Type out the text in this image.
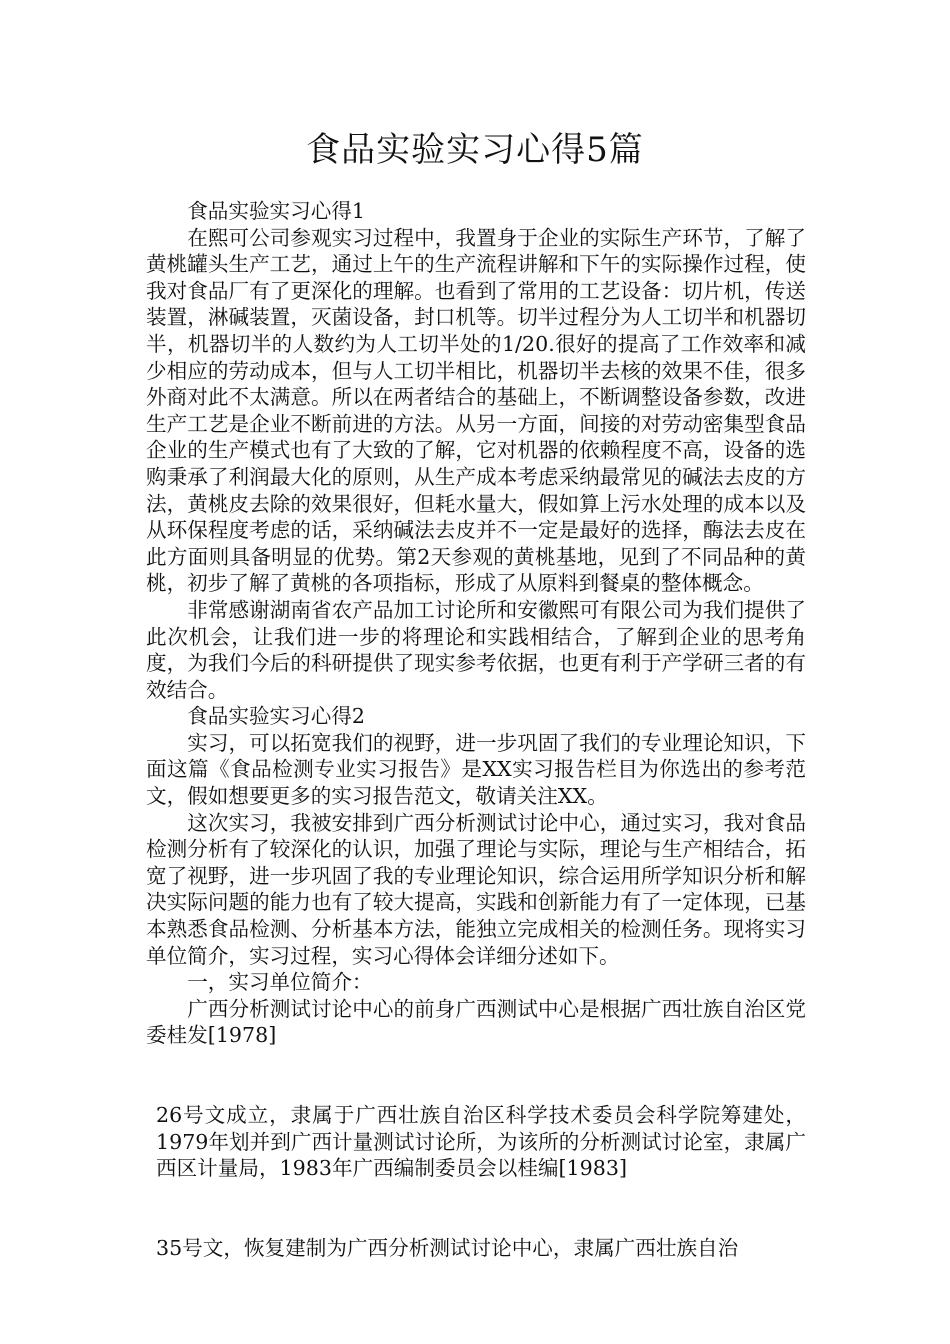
食品实验实习心得5篇

食品实验实习心得1

在熙可公司参观实习过程中，我置身于企业的实际生产环节，了解了黄桃罐头生产工艺，通过上午的生产流程讲解和下午的实际操作过程，使我对食品厂有了更深化的理解。也看到了常用的工艺设备：切片机，传送装置，淋碱装置，灭菌设备，封口机等。切半过程分为人工切半和机器切半，机器切半的人数约为人工切半处的1/20.很好的提高了工作效率和减少相应的劳动成本，但与人工切半相比，机器切半去核的效果不佳，很多外商对此不太满意。所以在两者结合的基础上，不断调整设备参数，改进生产工艺是企业不断前进的方法。从另一方面，间接的对劳动密集型食品企业的生产模式也有了大致的了解，它对机器的依赖程度不高，设备的选购秉承了利润最大化的原则，从生产成本考虑采纳最常见的碱法去皮的方法，黄桃皮去除的效果很好，但耗水量大，假如算上污水处理的成本以及从环保程度考虑的话，采纳碱法去皮并不一定是最好的选择，酶法去皮在此方面则具备明显的优势。第2天参观的黄桃基地，见到了不同品种的黄桃，初步了解了黄桃的各项指标，形成了从原料到餐桌的整体概念。

非常感谢湖南省农产品加工讨论所和安徽熙可有限公司为我们提供了此次机会，让我们进一步的将理论和实践相结合，了解到企业的思考角度，为我们今后的科研提供了现实参考依据，也更有利于产学研三者的有效结合。

食品实验实习心得2

实习，可以拓宽我们的视野，进一步巩固了我们的专业理论知识，下面这篇《食品检测专业实习报告》是XX实习报告栏目为你选出的参考范文，假如想要更多的实习报告范文，敬请关注XX。

这次实习，我被安排到广西分析测试讨论中心，通过实习，我对食品检测分析有了较深化的认识，加强了理论与实际，理论与生产相结合，拓宽了视野，进一步巩固了我的专业理论知识，综合运用所学知识分析和解决实际问题的能力也有了较大提高，实践和创新能力有了一定体现，已基本熟悉食品检测、分析基本方法，能独立完成相关的检测任务。现将实习单位简介，实习过程，实习心得体会详细分述如下。

一，实习单位简介：

广西分析测试讨论中心的前身广西测试中心是根据广西壮族自治区党委桂发[1978]

26号文成立，隶属于广西壮族自治区科学技术委员会科学院筹建处，1979年划并到广西计量测试讨论所，为该所的分析测试讨论室，隶属广西区计量局，1983年广西编制委员会以桂编[1983]

35号文，恢复建制为广西分析测试讨论中心，隶属广西壮族自治
